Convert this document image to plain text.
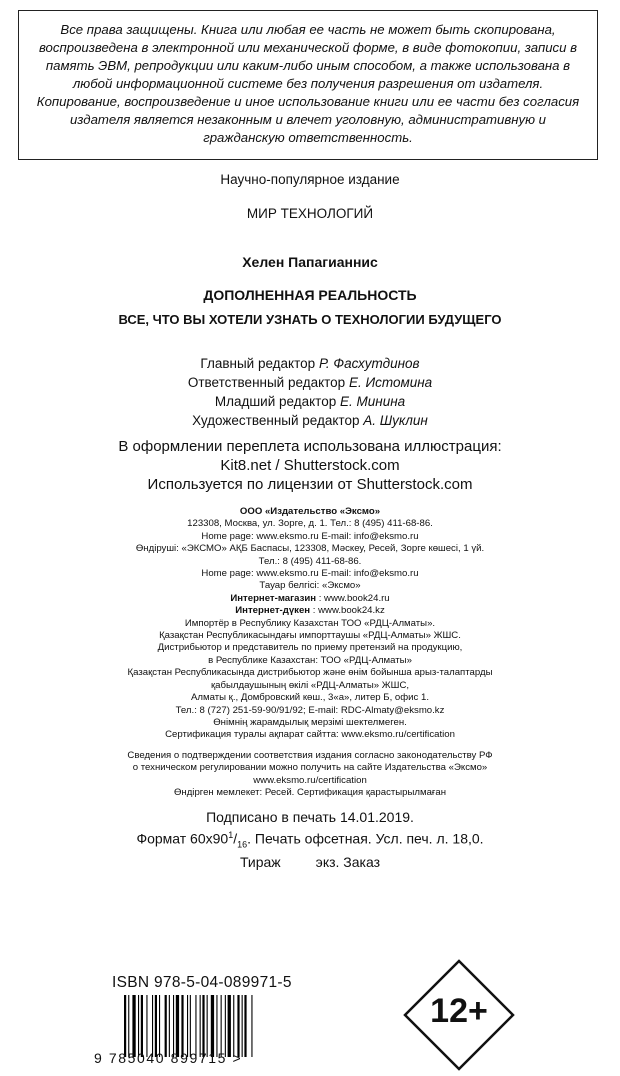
Все права защищены. Книга или любая ее часть не может быть скопирована, воспроизведена в электронной или механической форме, в виде фотокопии, записи в память ЭВМ, репродукции или каким-либо иным способом, а также использована в любой информационной системе без получения разрешения от издателя. Копирование, воспроизведение и иное использование книги или ее части без согласия издателя является незаконным и влечет уголовную, административную и гражданскую ответственность.
Научно-популярное издание
МИР ТЕХНОЛОГИЙ
Хелен Папагианнис
ДОПОЛНЕННАЯ РЕАЛЬНОСТЬ
ВСЕ, ЧТО ВЫ ХОТЕЛИ УЗНАТЬ О ТЕХНОЛОГИИ БУДУЩЕГО
Главный редактор Р. Фасхутдинов
Ответственный редактор Е. Истомина
Младший редактор Е. Минина
Художественный редактор А. Шуклин
В оформлении переплета использована иллюстрация:
Kit8.net / Shutterstock.com
Используется по лицензии от Shutterstock.com
ООО «Издательство «Эксмо»
123308, Москва, ул. Зорге, д. 1. Тел.: 8 (495) 411-68-86.
Home page: www.eksmo.ru E-mail: info@eksmo.ru
Өндіруші: «ЭКСМО» АҚБ Баспасы, 123308, Мәскеу, Ресей, Зорге көшесі, 1 үй.
Тел.: 8 (495) 411-68-86.
Home page: www.eksmo.ru E-mail: info@eksmo.ru
Тауар белгісі: «Эксмо»
Интернет-магазин : www.book24.ru
Интернет-дүкен : www.book24.kz
Импортёр в Республику Казахстан ТОО «РДЦ-Алматы».
Қазақстан Республикасындағы импорттаушы «РДЦ-Алматы» ЖШС.
Дистрибьютор и представитель по приему претензий на продукцию,
в Республике Казахстан: ТОО «РДЦ-Алматы»
Қазақстан Республикасында дистрибьютор және өнім бойынша арыз-талаптарды
қабылдаушының өкілі «РДЦ-Алматы» ЖШС,
Алматы қ., Домбровский көш., 3«а», литер Б, офис 1.
Тел.: 8 (727) 251-59-90/91/92; E-mail: RDC-Almaty@eksmo.kz
Өнімнің жарамдылық мерзімі шектелмеген.
Сертификация туралы ақпарат сайтта: www.eksmo.ru/certification
Сведения о подтверждении соответствия издания согласно законодательству РФ
о техническом регулировании можно получить на сайте Издательства «Эксмо»
www.eksmo.ru/certification
Өндірген мемлекет: Ресей. Сертификация қарастырылмаған
Подписано в печать 14.01.2019.
Формат $60x90^1/_{16}$. Печать офсетная. Усл. печ. л. 18,0.
Тираж         экз. Заказ
ISBN 978-5-04-089971-5
9 785040 899715 >
12+
